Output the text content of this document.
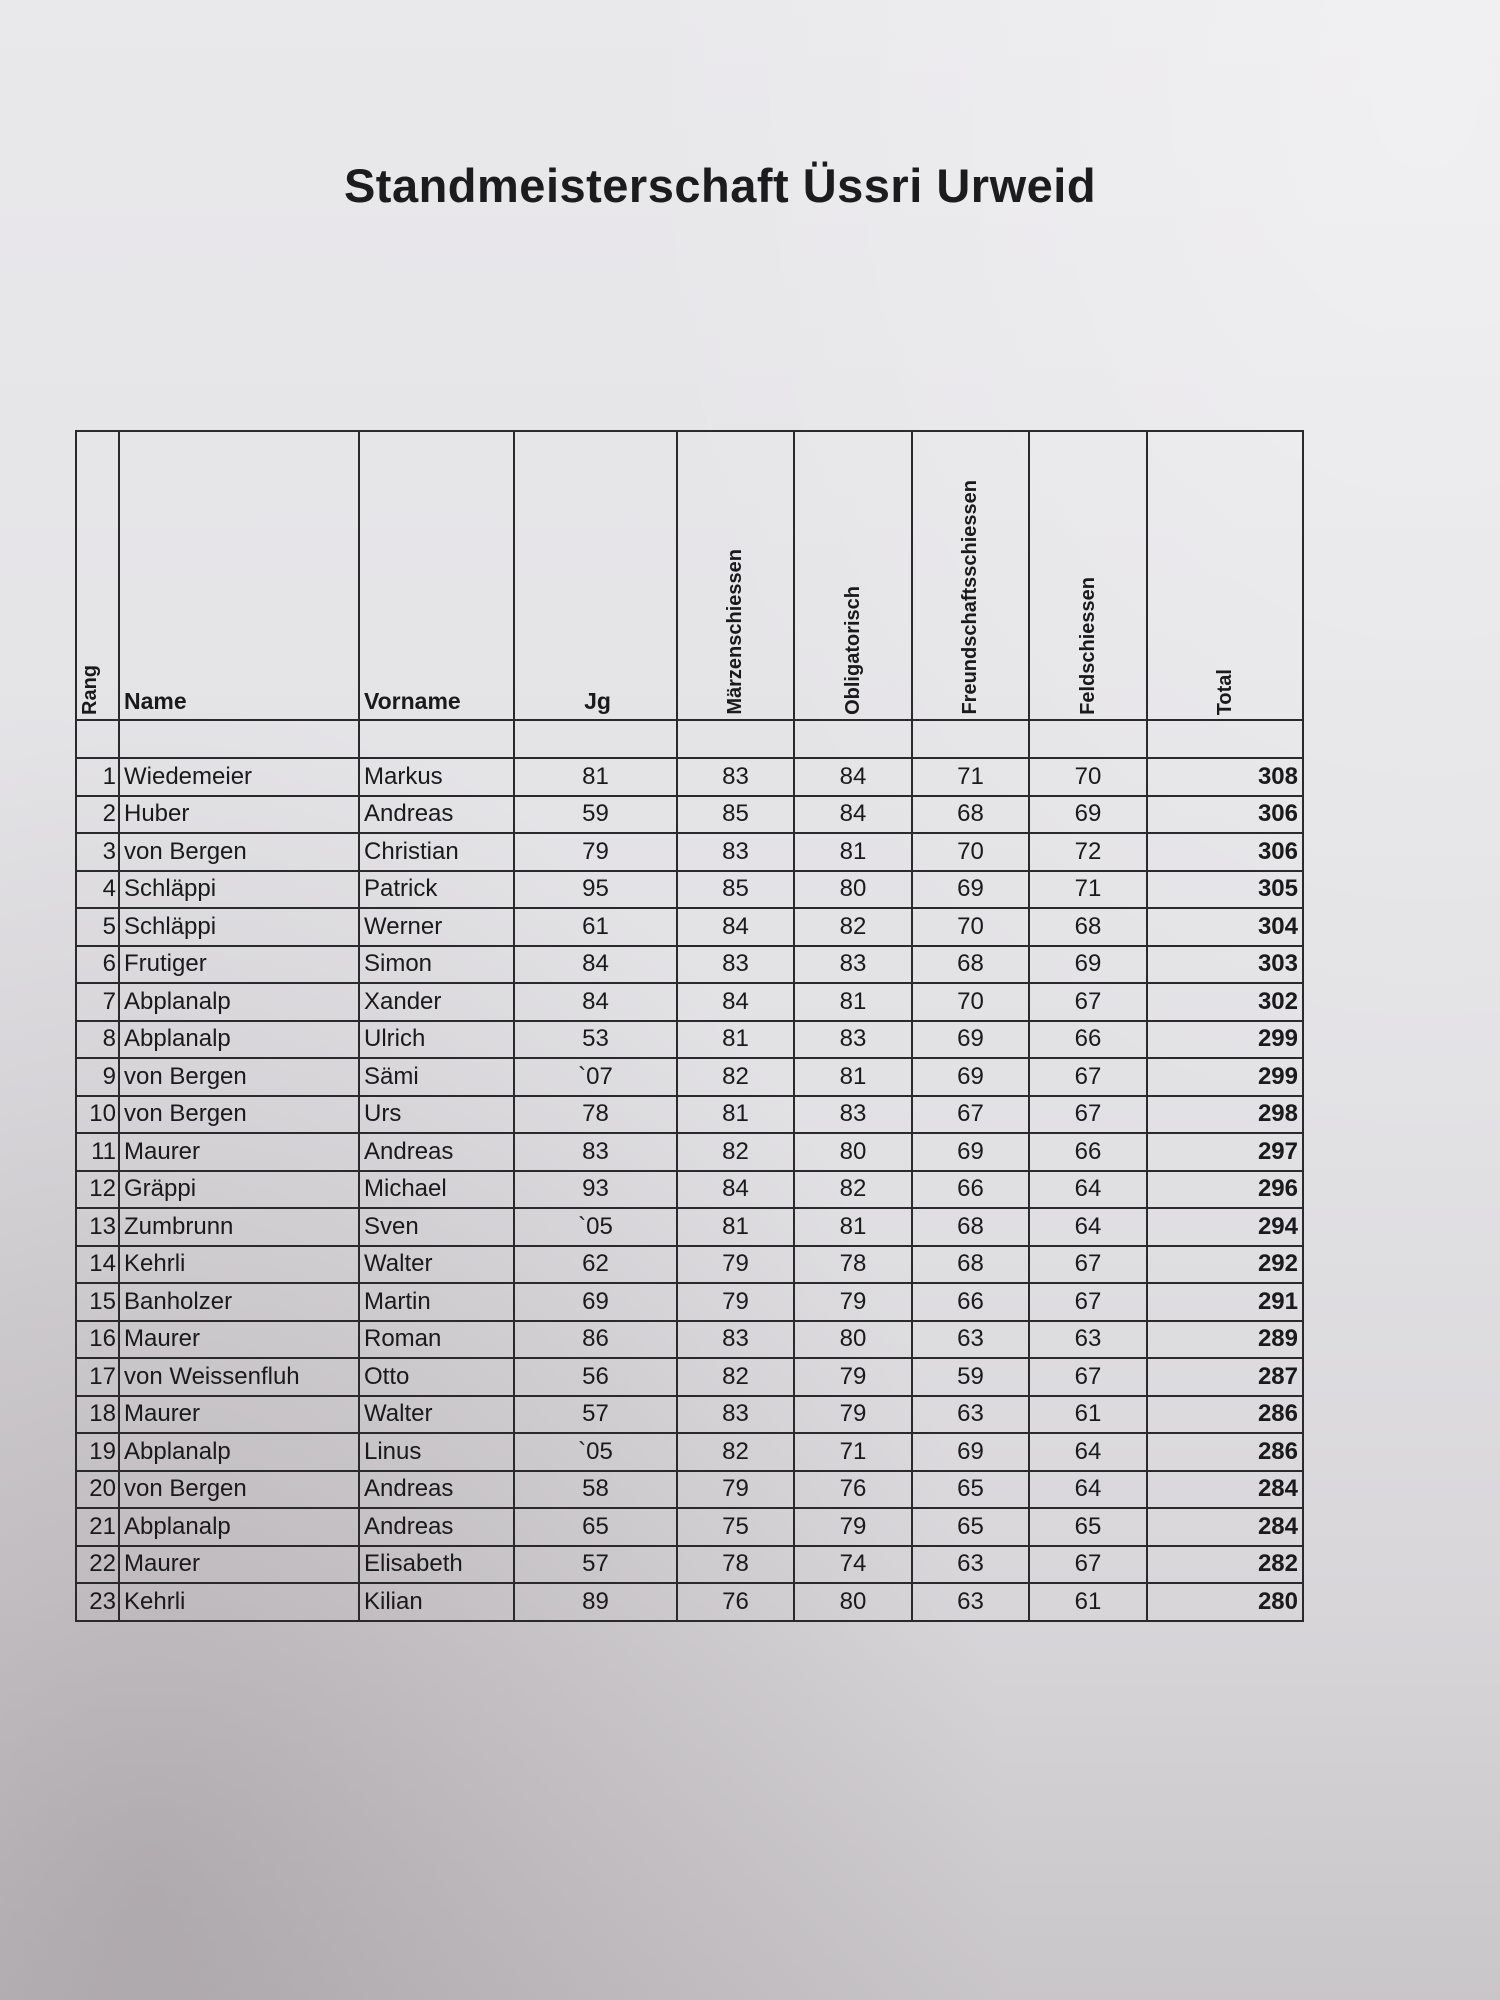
Standmeisterschaft Üssri Urweid
Rang	Name	Vorname	Jg	Märzenschiessen	Obligatorisch	Freundschaftsschiessen	Feldschiessen	Total

1	Wiedemeier	Markus	81	83	84	71	70	308
2	Huber	Andreas	59	85	84	68	69	306
3	von Bergen	Christian	79	83	81	70	72	306
4	Schläppi	Patrick	95	85	80	69	71	305
5	Schläppi	Werner	61	84	82	70	68	304
6	Frutiger	Simon	84	83	83	68	69	303
7	Abplanalp	Xander	84	84	81	70	67	302
8	Abplanalp	Ulrich	53	81	83	69	66	299
9	von Bergen	Sämi	`07	82	81	69	67	299
10	von Bergen	Urs	78	81	83	67	67	298
11	Maurer	Andreas	83	82	80	69	66	297
12	Gräppi	Michael	93	84	82	66	64	296
13	Zumbrunn	Sven	`05	81	81	68	64	294
14	Kehrli	Walter	62	79	78	68	67	292
15	Banholzer	Martin	69	79	79	66	67	291
16	Maurer	Roman	86	83	80	63	63	289
17	von Weissenfluh	Otto	56	82	79	59	67	287
18	Maurer	Walter	57	83	79	63	61	286
19	Abplanalp	Linus	`05	82	71	69	64	286
20	von Bergen	Andreas	58	79	76	65	64	284
21	Abplanalp	Andreas	65	75	79	65	65	284
22	Maurer	Elisabeth	57	78	74	63	67	282
23	Kehrli	Kilian	89	76	80	63	61	280
